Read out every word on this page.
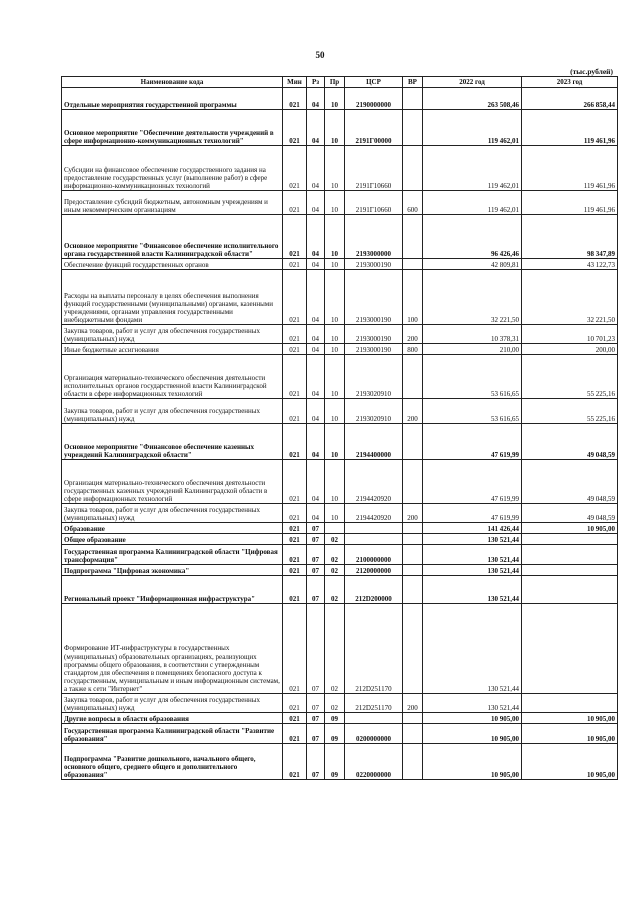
50
(тыс.рублей)
Наименование кода	Мин	Рз	Пр	ЦСР	ВР	2022 год	2023 год
Отдельные мероприятия государственной программы	021	04	10	2190000000		263 508,46	266 858,44
Основное мероприятие "Обеспечение деятельности учреждений в сфере информационно-коммуникационных технологий"	021	04	10	2191Г00000		119 462,01	119 461,96
Субсидии на финансовое обеспечение государственного задания на предоставление государственных услуг (выполнение работ) в сфере информационно-коммуникационных технологий	021	04	10	2191Г10660		119 462,01	119 461,96
Предоставление субсидий бюджетным, автономным учреждениям и иным некоммерческим организациям	021	04	10	2191Г10660	600	119 462,01	119 461,96
Основное мероприятие "Финансовое обеспечение исполнительного органа государственной власти Калининградской области"	021	04	10	2193000000		96 426,46	98 347,89
Обеспечение функций государственных органов	021	04	10	2193000190		42 809,81	43 122,73
Расходы на выплаты персоналу в целях обеспечения выполнения функций государственными (муниципальными) органами, казенными учреждениями, органами управления государственными внебюджетными фондами	021	04	10	2193000190	100	32 221,50	32 221,50
Закупка товаров, работ и услуг для обеспечения государственных (муниципальных) нужд	021	04	10	2193000190	200	10 378,31	10 701,23
Иные бюджетные ассигнования	021	04	10	2193000190	800	210,00	200,00
Организация материально-технического обеспечения деятельности исполнительных органов государственной власти Калининградской области в сфере информационных технологий	021	04	10	2193020910		53 616,65	55 225,16
Закупка товаров, работ и услуг для обеспечения государственных (муниципальных) нужд	021	04	10	2193020910	200	53 616,65	55 225,16
Основное мероприятие "Финансовое обеспечение казенных учреждений Калининградской области"	021	04	10	2194400000		47 619,99	49 048,59
Организация материально-технического обеспечения деятельности государственных казенных учреждений Калининградской области в сфере информационных технологий	021	04	10	2194420920		47 619,99	49 048,59
Закупка товаров, работ и услуг для обеспечения государственных (муниципальных) нужд	021	04	10	2194420920	200	47 619,99	49 048,59
Образование	021	07				141 426,44	10 905,00
Общее образование	021	07	02			130 521,44	
Государственная программа Калининградской области "Цифровая трансформация"	021	07	02	2100000000		130 521,44	
Подпрограмма "Цифровая экономика"	021	07	02	2120000000		130 521,44	
Региональный проект "Информационная инфраструктура"	021	07	02	212D200000		130 521,44	
Формирование ИТ-инфраструктуры в государственных (муниципальных) образовательных организациях, реализующих программы общего образования, в соответствии с утвержденным стандартом для обеспечения в помещениях безопасного доступа к государственным, муниципальным и иным информационным системам, а также к сети "Интернет"	021	07	02	212D251170		130 521,44	
Закупка товаров, работ и услуг для обеспечения государственных (муниципальных) нужд	021	07	02	212D251170	200	130 521,44	
Другие вопросы в области образования	021	07	09			10 905,00	10 905,00
Государственная программа Калининградской области "Развитие образования"	021	07	09	0200000000		10 905,00	10 905,00
Подпрограмма "Развитие дошкольного, начального общего, основного общего, среднего общего и дополнительного образования"	021	07	09	0220000000		10 905,00	10 905,00
